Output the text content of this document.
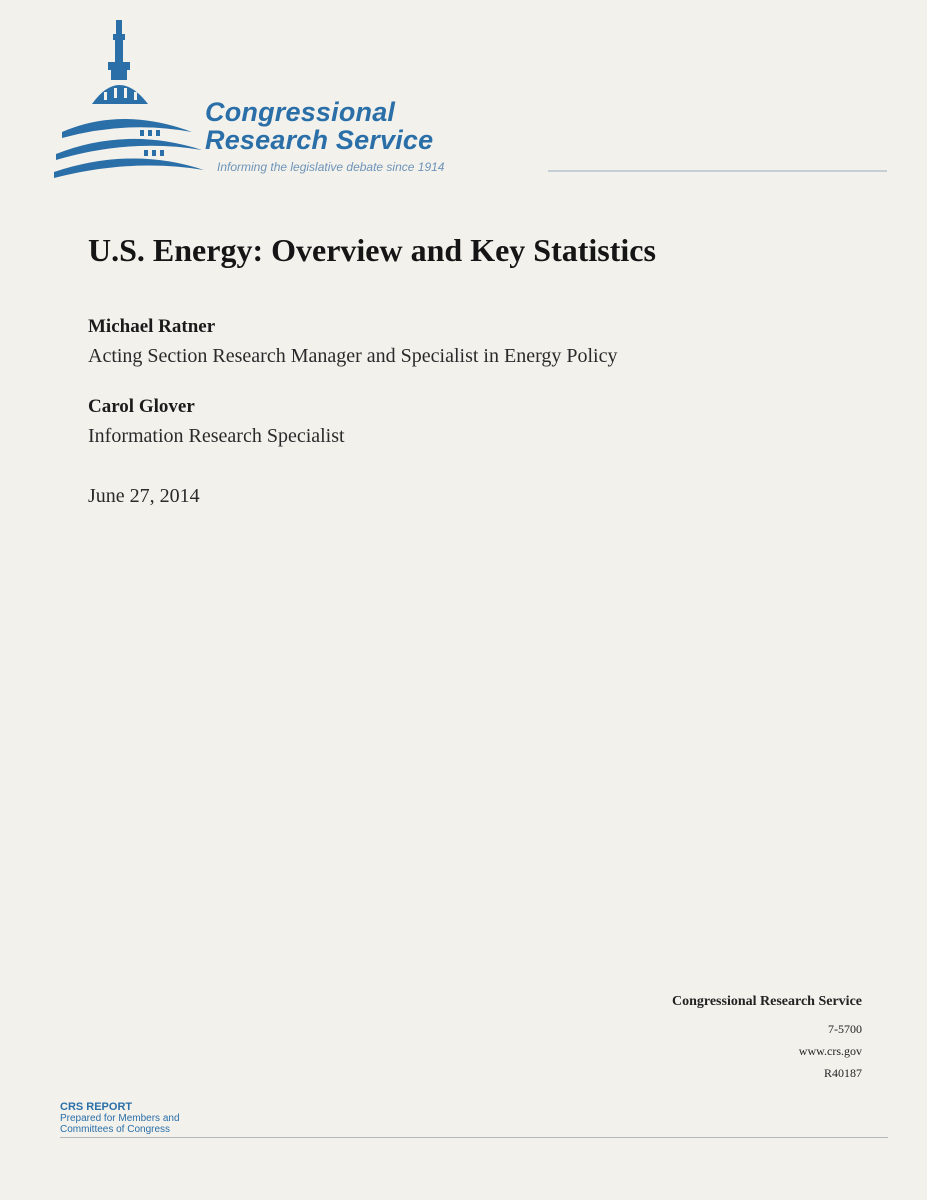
Congressional
Research Service
Informing the legislative debate since 1914
U.S. Energy: Overview and Key Statistics
Michael Ratner
Acting Section Research Manager and Specialist in Energy Policy
Carol Glover
Information Research Specialist
June 27, 2014
Congressional Research Service
7-5700
www.crs.gov
R40187
CRS REPORT
Prepared for Members and
Committees of Congress
